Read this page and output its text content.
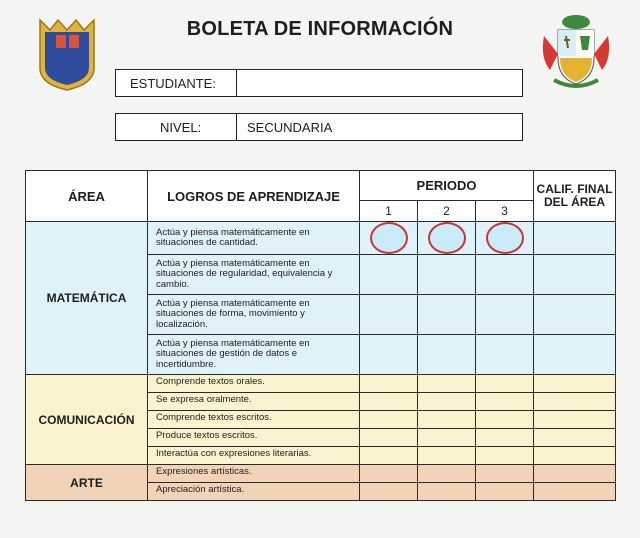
BOLETA DE INFORMACIÓN
ESTUDIANTE:
NIVEL:	SECUNDARIA
ÁREA	LOGROS DE APRENDIZAJE	PERIODO			CALIF. FINAL DEL ÁREA
		1	2	3	
MATEMÁTICA	Actúa y piensa matemáticamente en situaciones de cantidad.	

	Actúa y piensa matemáticamente en situaciones de regularidad, equivalencia y cambio.				
	Actúa y piensa matemáticamente en situaciones de forma, movimiento y localización.				
	Actúa y piensa matemáticamente en situaciones de gestión de datos e incertidumbre.				
COMUNICACIÓN	Comprende textos orales.				
	Se expresa oralmente.				
	Comprende textos escritos.				
	Produce textos escritos.				
	Interactúa con expresiones literarias.				
ARTE	Expresiones artísticas.				
	Apreciación artística.				
